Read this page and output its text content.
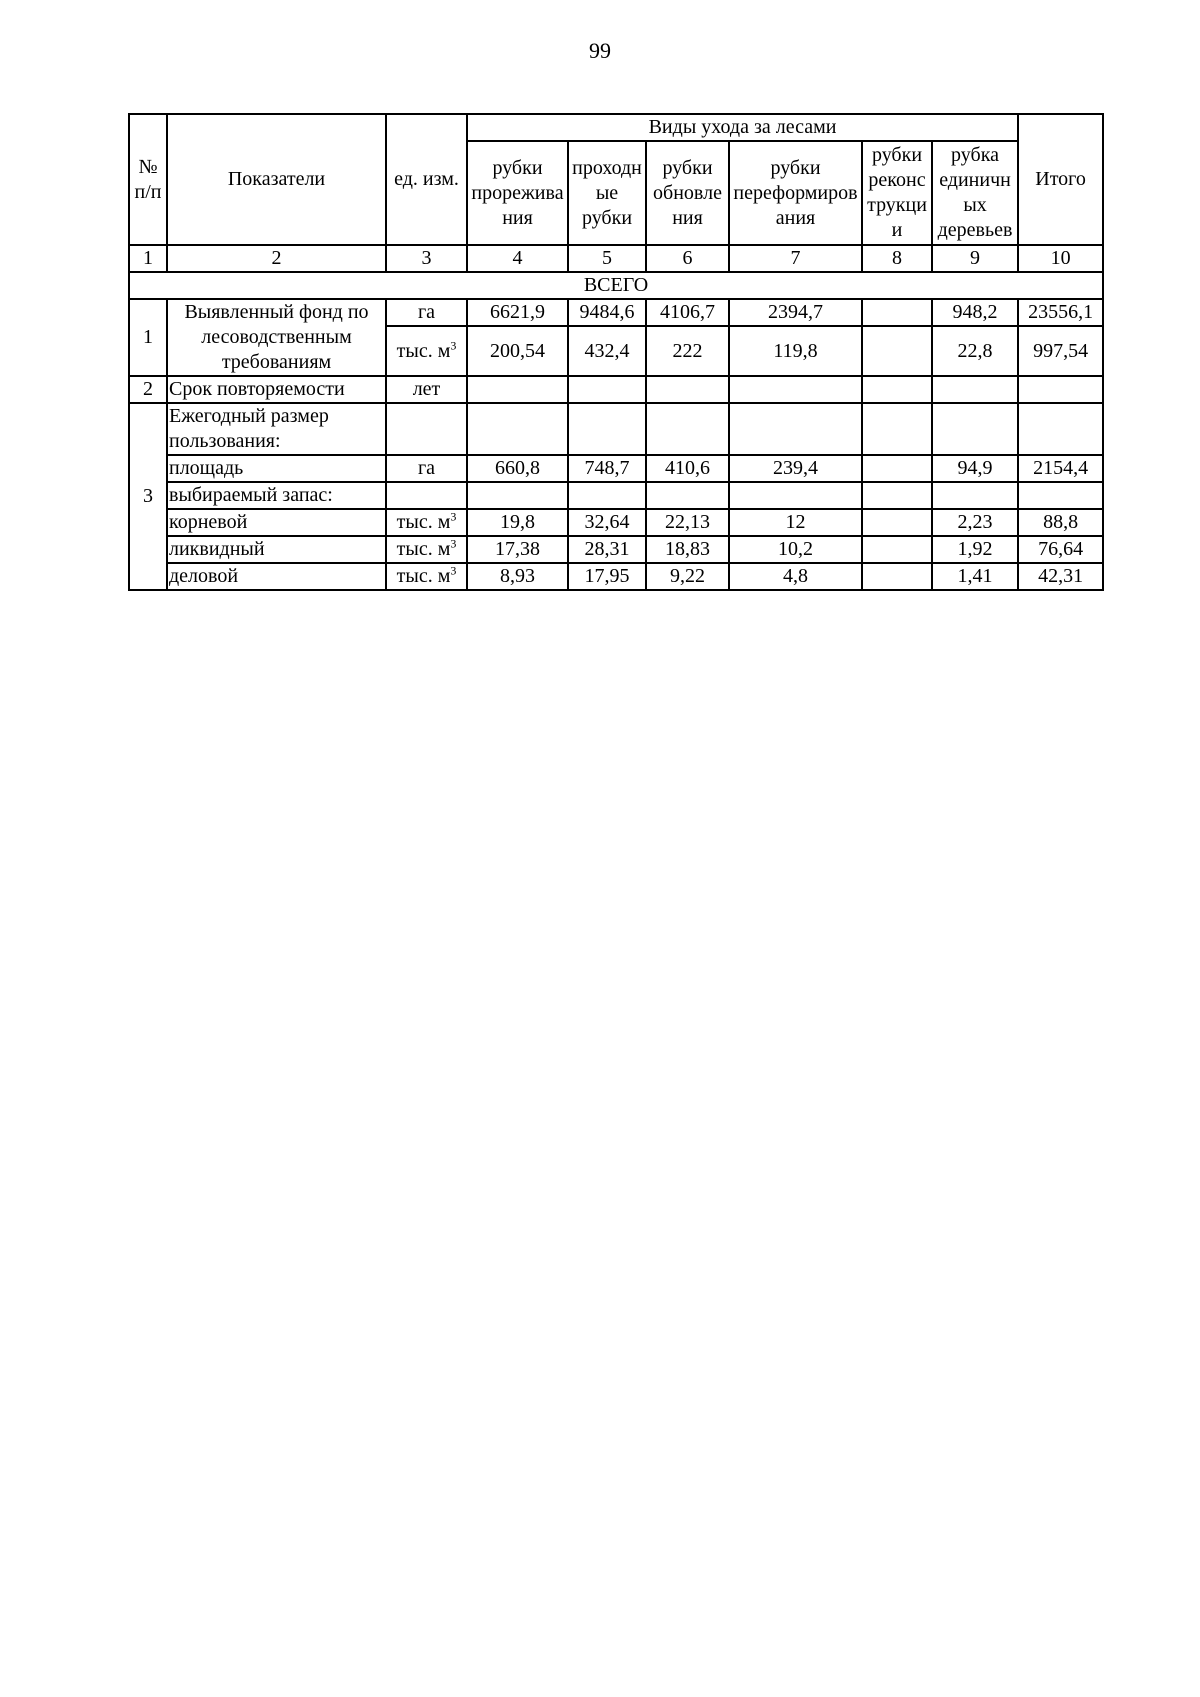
99
№ п/п	Показатели	ед. изм.	Виды ухода за лесами						Итого
			рубки прореживания	проходные рубки	рубки обновления	рубки переформирования	рубки реконструкции	рубка единичных деревьев	
1	2	3	4	5	6	7	8	9	10
ВСЕГО									
1	Выявленный фонд по лесоводственным требованиям	га	6621,9	9484,6	4106,7	2394,7		948,2	23556,1
		тыс. $м^3$	200,54	432,4	222	119,8		22,8	997,54
2	Срок повторяемости	лет							
3	Ежегодный размер пользования:								
	площадь	га	660,8	748,7	410,6	239,4		94,9	2154,4
	выбираемый запас:								
	корневой	тыс. $м^3$	19,8	32,64	22,13	12		2,23	88,8
	ликвидный	тыс. $м^3$	17,38	28,31	18,83	10,2		1,92	76,64
	деловой	тыс. $м^3$	8,93	17,95	9,22	4,8		1,41	42,31
